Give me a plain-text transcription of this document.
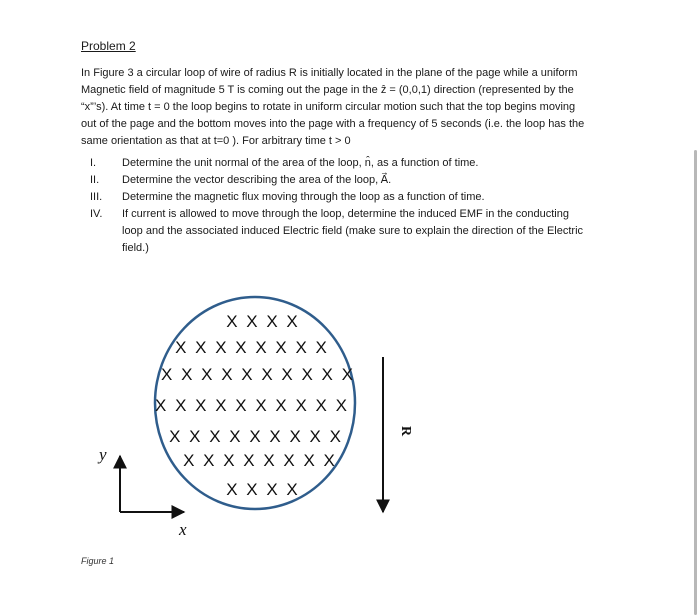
Problem 2

In Figure 3 a circular loop of wire of radius R is initially located in the plane of the page while a uniform
Magnetic field of magnitude 5 T is coming out the page in the ẑ = (0,0,1) direction (represented by the
“x”’s). At time t = 0 the loop begins to rotate in uniform circular motion such that the top begins moving
out of the page and the bottom moves into the page with a frequency of 5 seconds (i.e. the loop has the
same orientation as that at t=0 ). For arbitrary time t > 0

I. Determine the unit normal of the area of the loop, n̂, as a function of time.
II. Determine the vector describing the area of the loop, A⃗.
III. Determine the magnetic flux moving through the loop as a function of time.
IV. If current is allowed to move through the loop, determine the induced EMF in the conducting
loop and the associated induced Electric field (make sure to explain the direction of the Electric
field.)
X X X X
X X X X X X X X
X X X X X X X X X X
X X X X X X X X X X
X X X X X X X X X
X X X X X X X X
X X X X
y
x
R

Figure 1
